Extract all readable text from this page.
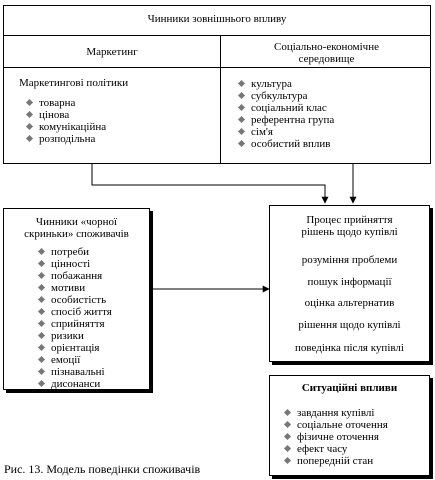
Чинники зовнішнього впливу
Маркетинг	Соціально-економічне
середовище
Маркетингові політики
товарна
цінова
комунікаційна
розподільна
культура
субкультура
соціальний клас
референтна група
сім'я
особистий вплив
Чинники «чорної
скриньки» споживачів
потреби
цінності
побажання
мотиви
особистість
спосіб життя
сприйняття
ризики
орієнтація
емоції
пізнавальні
дисонанси
Процес прийняття
рішень щодо купівлі
розуміння проблеми
пошук інформації
оцінка альтернатив
рішення щодо купівлі
поведінка після купівлі
Ситуаційні впливи
завдання купівлі
соціальне оточення
фізичне оточення
ефект часу
попередній стан
Рис. 13. Модель поведінки споживачів
